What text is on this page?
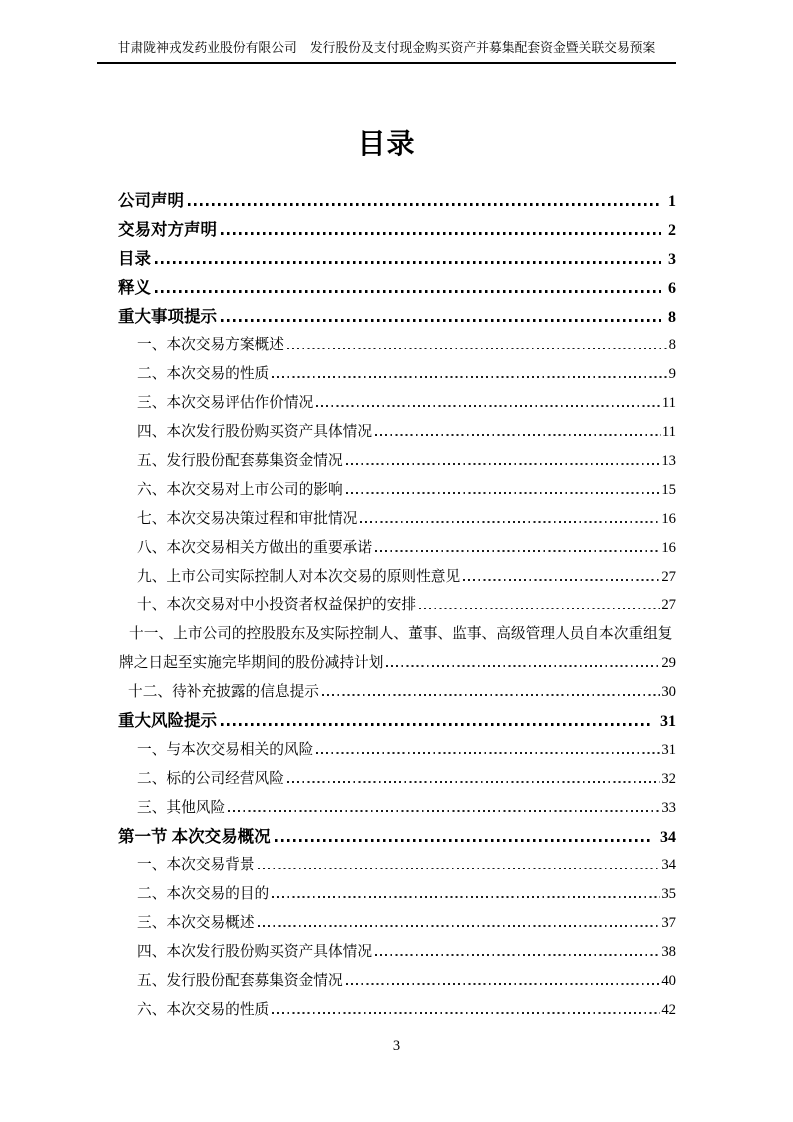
甘肃陇神戎发药业股份有限公司 发行股份及支付现金购买资产并募集配套资金暨关联交易预案
目录
公司声明	1
交易对方声明	2
目录	3
释义	6
重大事项提示	8
一、本次交易方案概述	8
二、本次交易的性质	9
三、本次交易评估作价情况	11
四、本次发行股份购买资产具体情况	11
五、发行股份配套募集资金情况	13
六、本次交易对上市公司的影响	15
七、本次交易决策过程和审批情况	16
八、本次交易相关方做出的重要承诺	16
九、上市公司实际控制人对本次交易的原则性意见	27
十、本次交易对中小投资者权益保护的安排	27
十一、上市公司的控股股东及实际控制人、董事、监事、高级管理人员自本次重组复
牌之日起至实施完毕期间的股份减持计划	29
十二、待补充披露的信息提示	30
重大风险提示	31
一、与本次交易相关的风险	31
二、标的公司经营风险	32
三、其他风险	33
第一节 本次交易概况	34
一、本次交易背景	34
二、本次交易的目的	35
三、本次交易概述	37
四、本次发行股份购买资产具体情况	38
五、发行股份配套募集资金情况	40
六、本次交易的性质	42
3
